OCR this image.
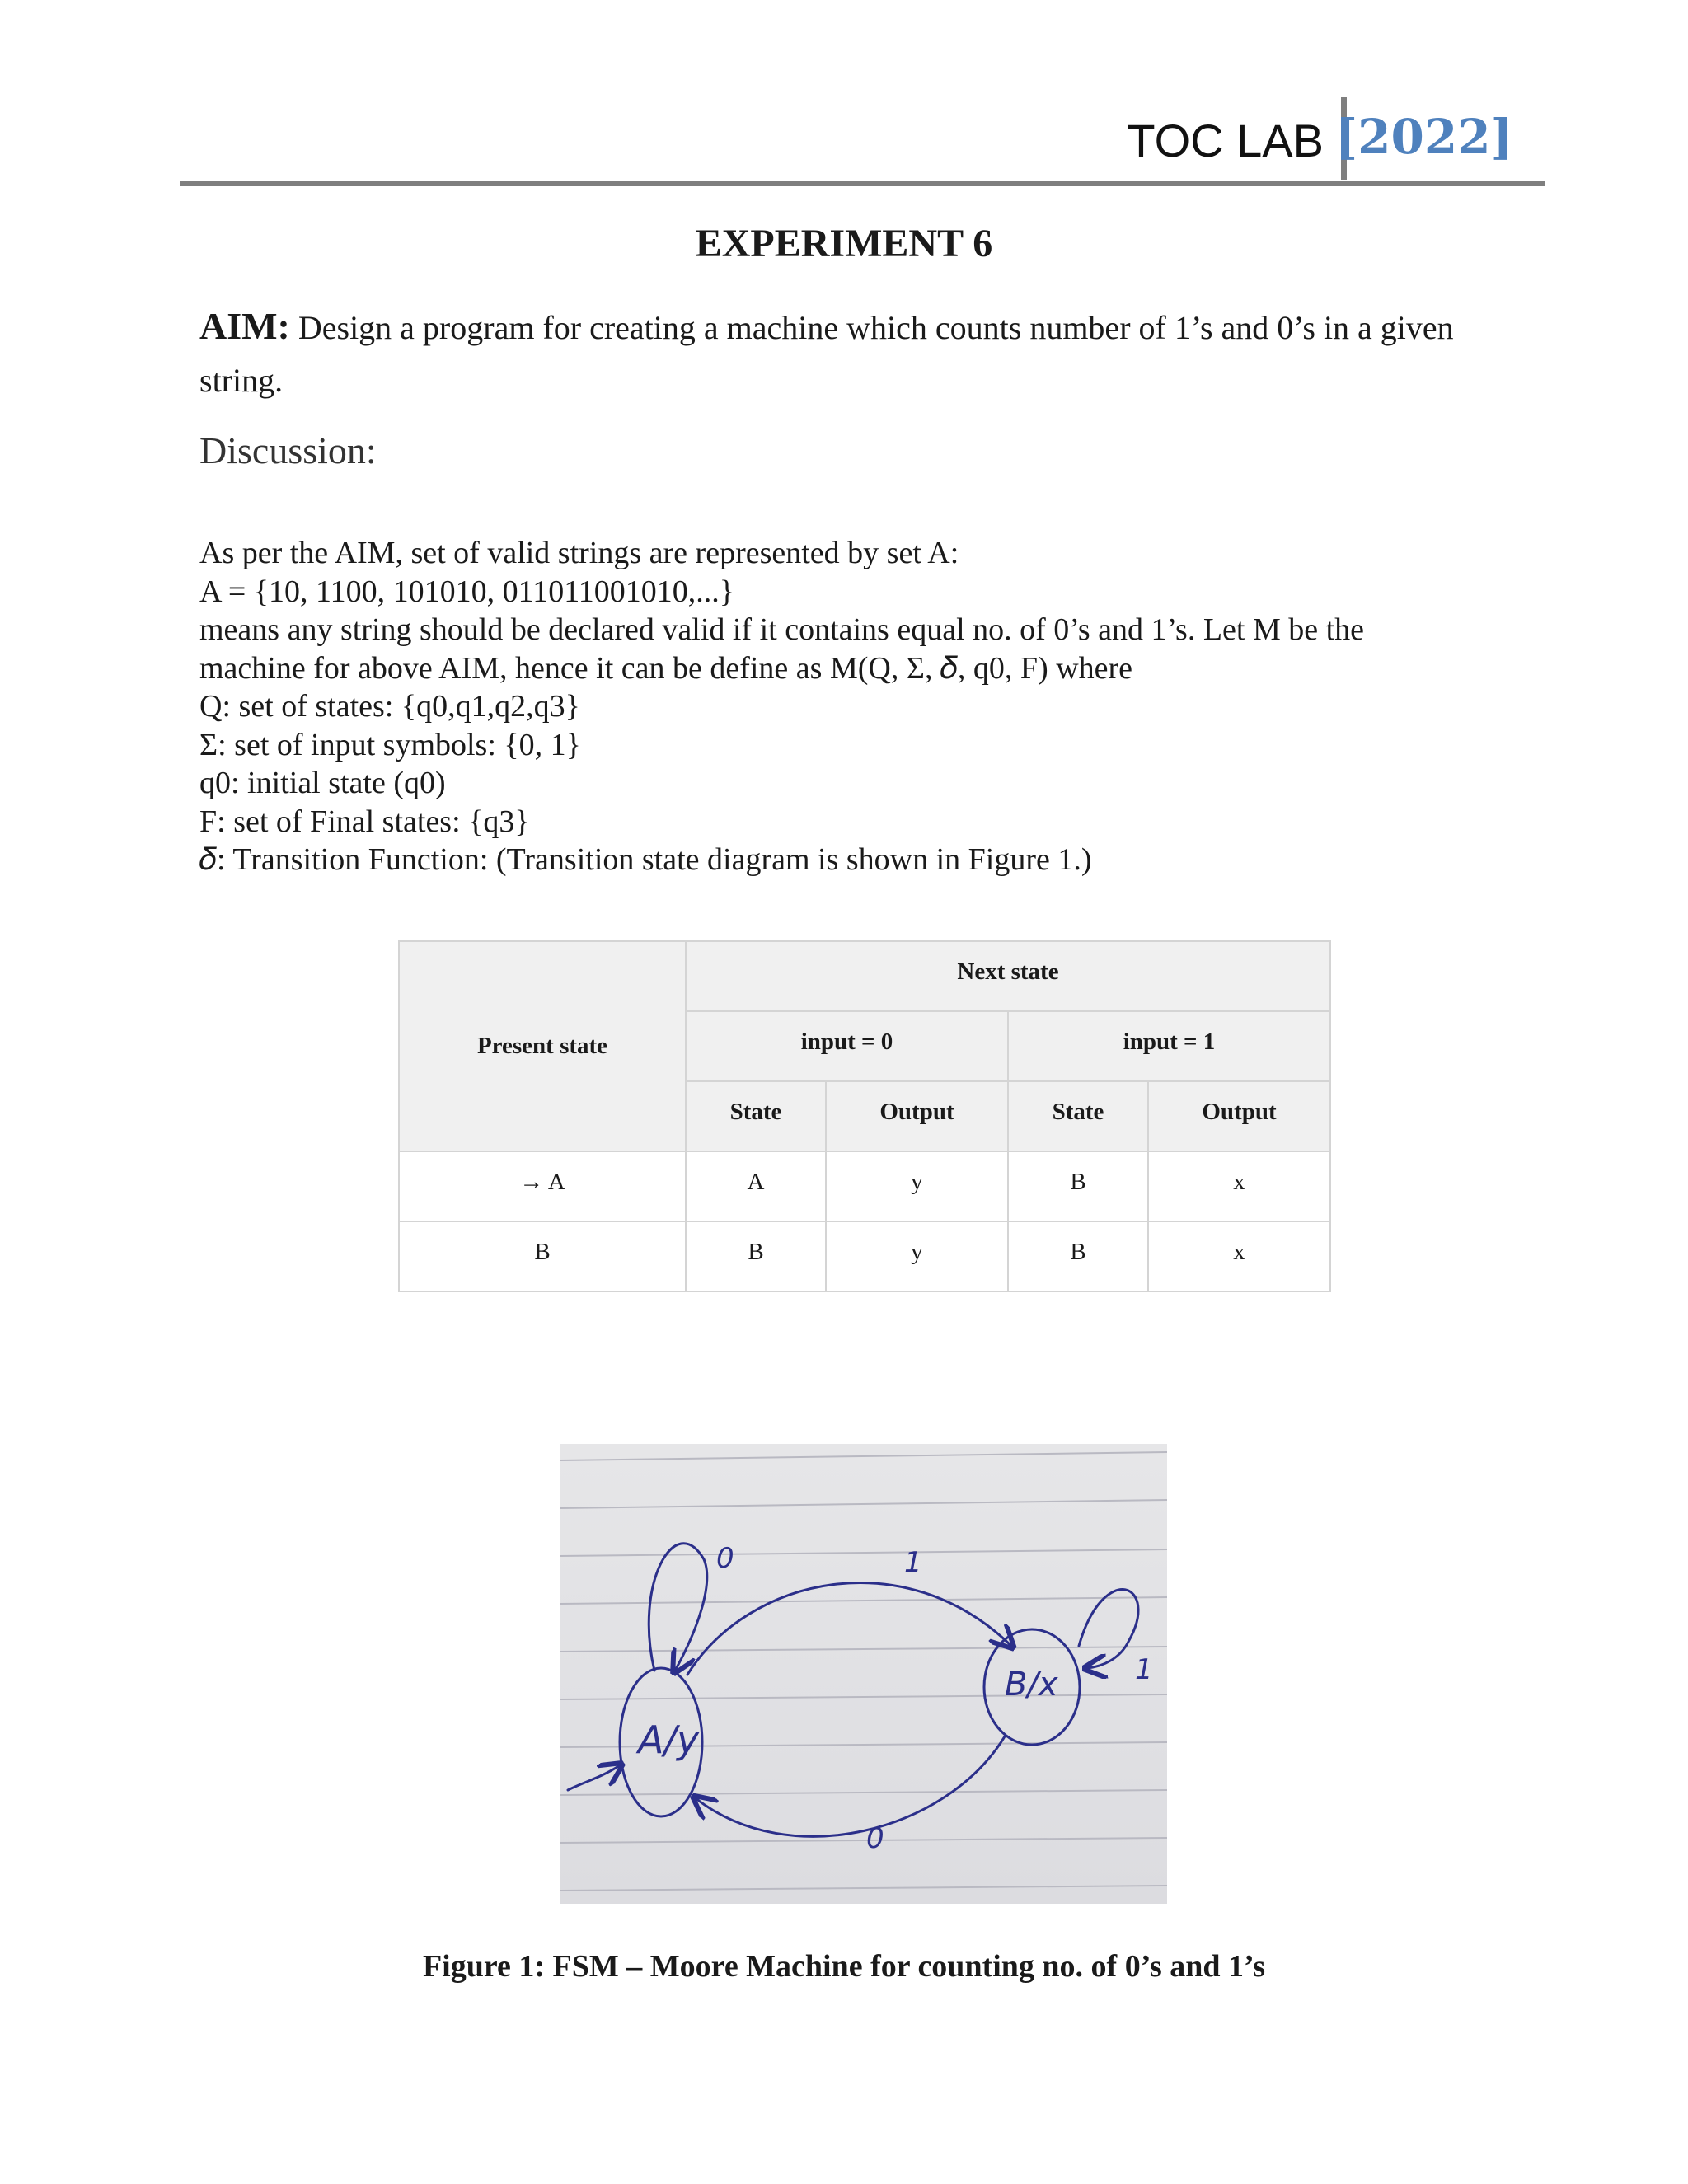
TOC LAB [2022]
EXPERIMENT 6
AIM: Design a program for creating a machine which counts number of 1’s and 0’s in a given string.
Discussion:
As per the AIM, set of valid strings are represented by set A:
A = {10, 1100, 101010, 011011001010,...}
means any string should be declared valid if it contains equal no. of 0’s and 1’s. Let M be the
machine for above AIM, hence it can be define as M(Q, Σ, 𝛿, q0, F) where
Q: set of states: {q0,q1,q2,q3}
Σ: set of input symbols: {0, 1}
q0: initial state (q0)
F: set of Final states: {q3}
𝛿: Transition Function: (Transition state diagram is shown in Figure 1.)
Present state	Next state			
	input = 0		input = 1	
	State	Output	State	Output
→ A	A	y	B	x
B	B	y	B	x
A/y
B/x
0	1
1
0
Figure 1: FSM – Moore Machine for counting no. of 0’s and 1’s
